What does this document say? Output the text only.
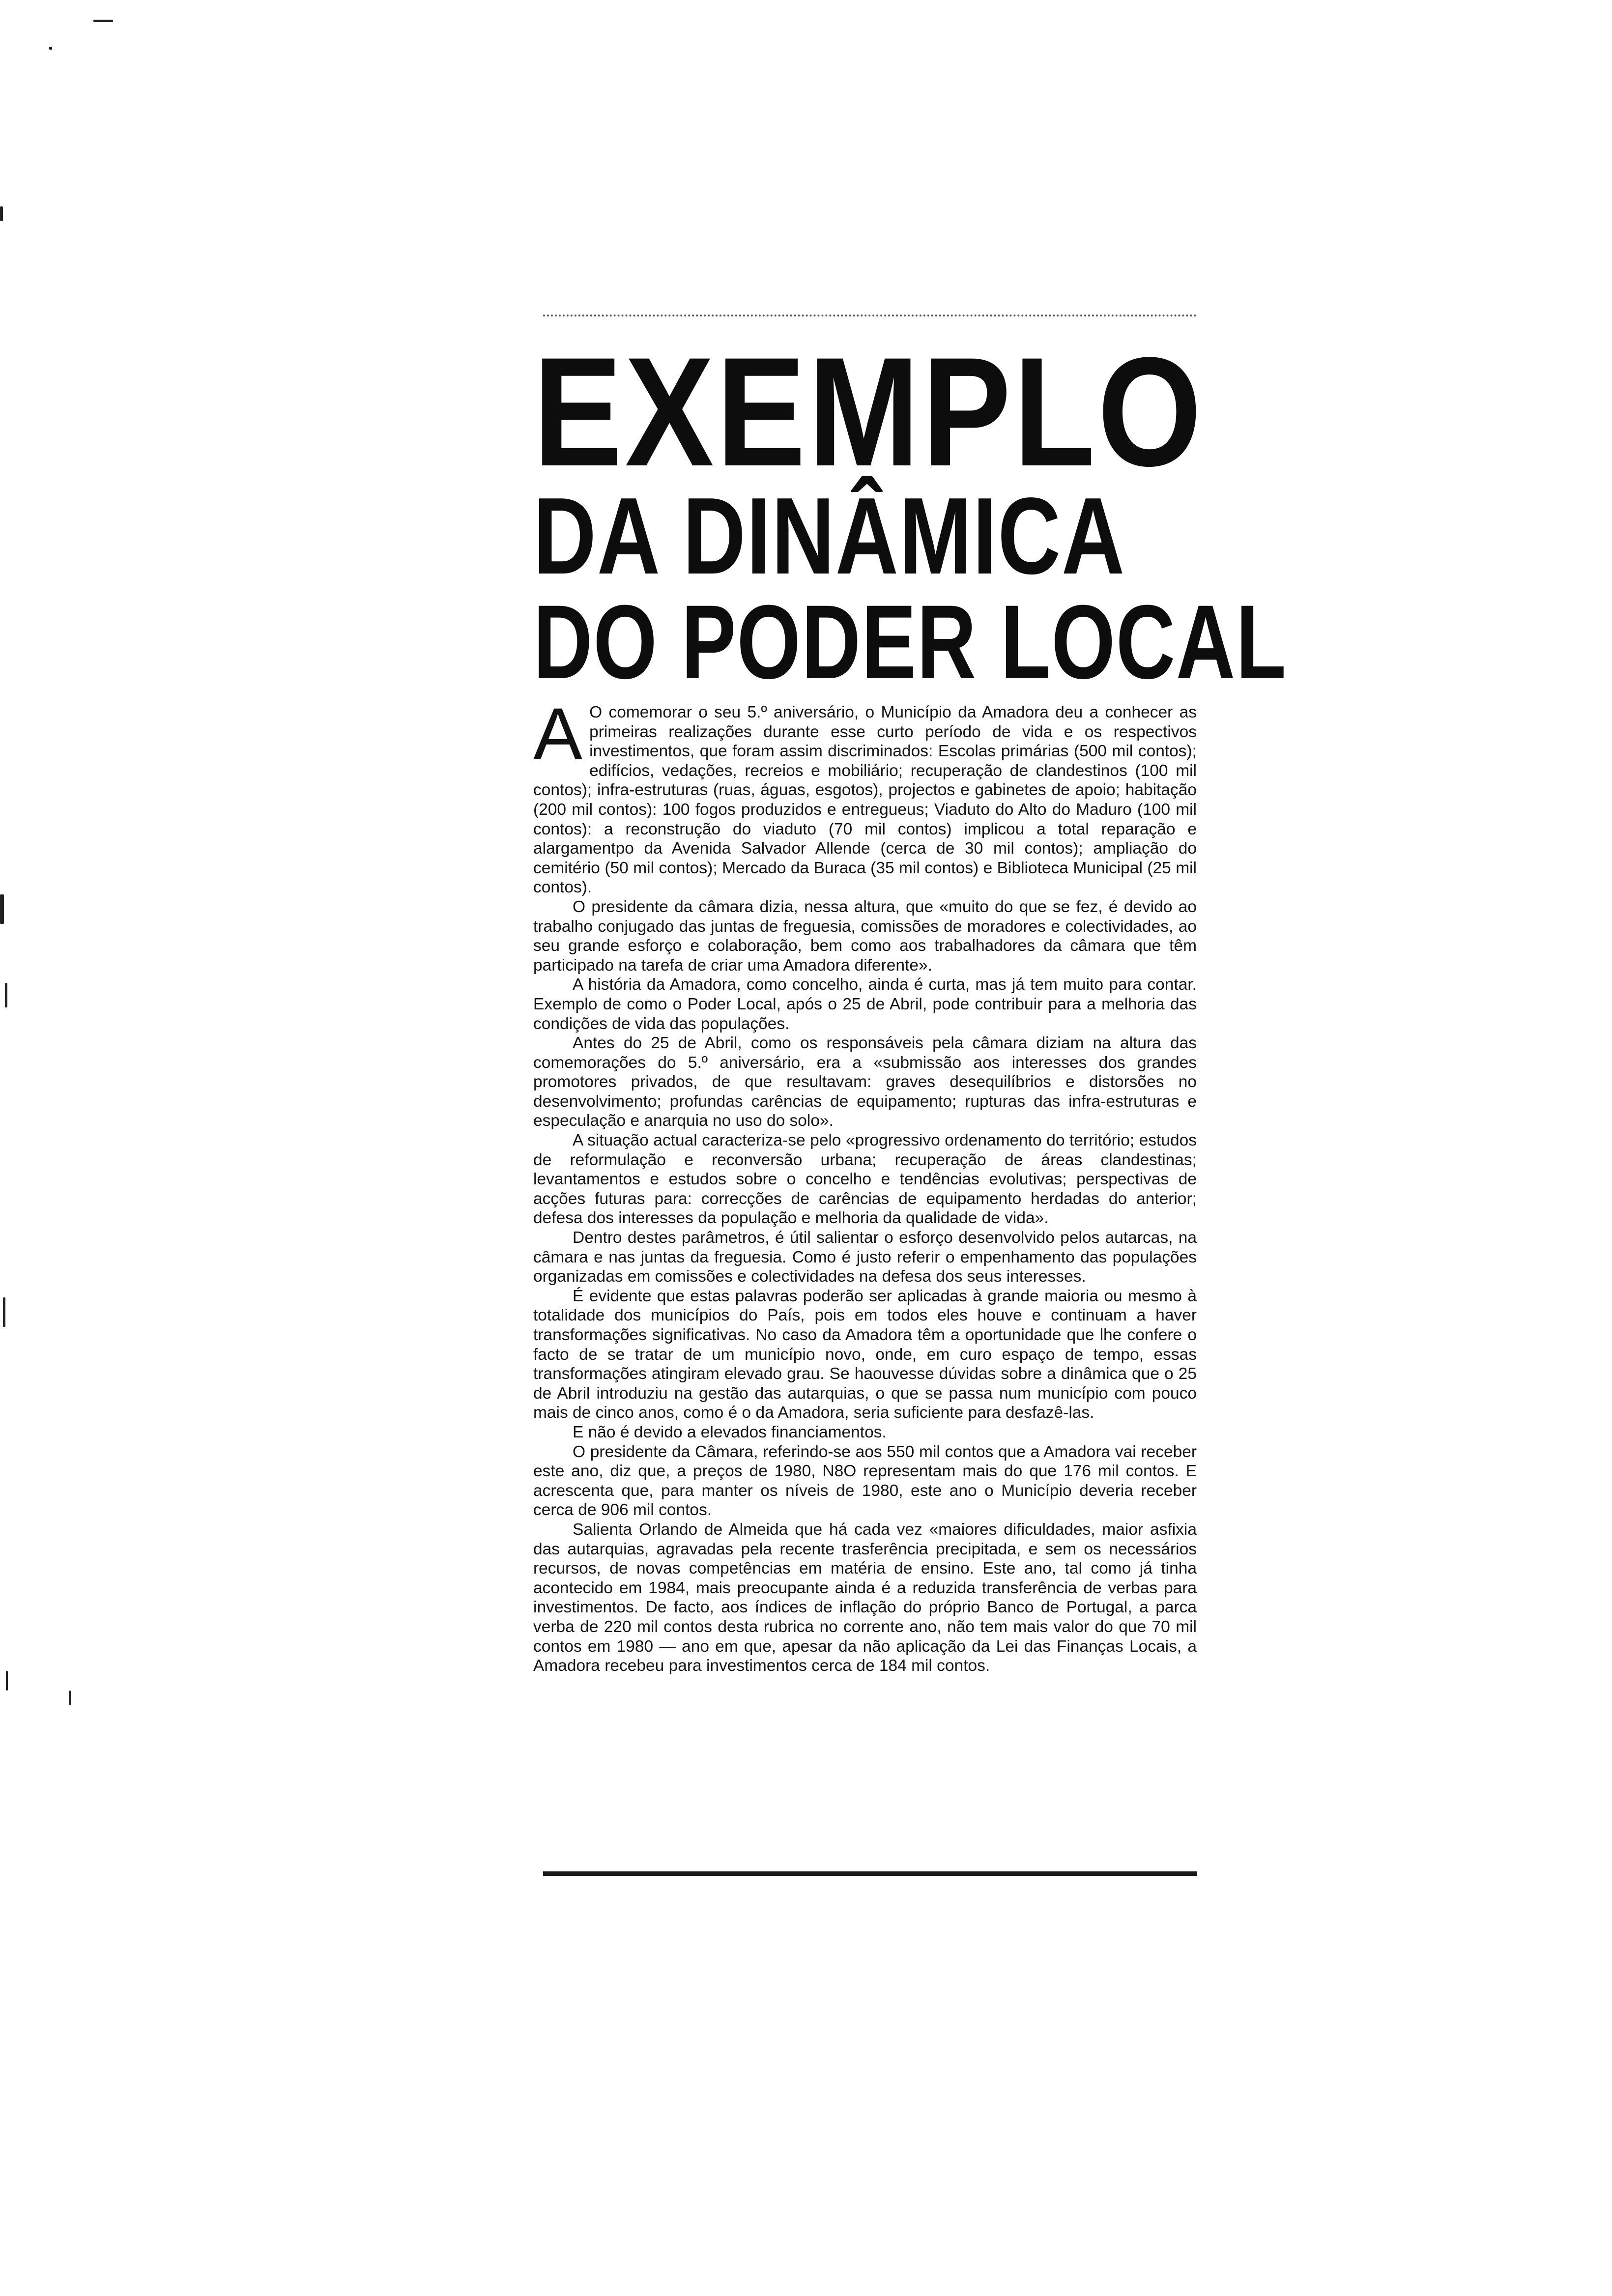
EXEMPLO
DA DINÂMICA
DO PODER LOCAL

A O comemorar o seu 5.º aniversário, o Município da Amadora deu a conhecer as primeiras realizações durante esse curto período de vida e os respectivos investimentos, que foram assim discriminados: Escolas primárias (500 mil contos); edifícios, vedações, recreios e mobiliário; recuperação de clandestinos (100 mil contos); infra-estruturas (ruas, águas, esgotos), projectos e gabinetes de apoio; habitação (200 mil contos): 100 fogos produzidos e entregueus; Viaduto do Alto do Maduro (100 mil contos): a reconstrução do viaduto (70 mil contos) implicou a total reparação e alargamentpo da Avenida Salvador Allende (cerca de 30 mil contos); ampliação do cemitério (50 mil contos); Mercado da Buraca (35 mil contos) e Biblioteca Municipal (25 mil contos).

O presidente da câmara dizia, nessa altura, que «muito do que se fez, é devido ao trabalho conjugado das juntas de freguesia, comissões de moradores e colectividades, ao seu grande esforço e colaboração, bem como aos trabalhadores da câmara que têm participado na tarefa de criar uma Amadora diferente».

A história da Amadora, como concelho, ainda é curta, mas já tem muito para contar. Exemplo de como o Poder Local, após o 25 de Abril, pode contribuir para a melhoria das condições de vida das populações.

Antes do 25 de Abril, como os responsáveis pela câmara diziam na altura das comemorações do 5.º aniversário, era a «submissão aos interesses dos grandes promotores privados, de que resultavam: graves desequilíbrios e distorsões no desenvolvimento; profundas carências de equipamento; rupturas das infra-estruturas e especulação e anarquia no uso do solo».

A situação actual caracteriza-se pelo «progressivo ordenamento do território; estudos de reformulação e reconversão urbana; recuperação de áreas clandestinas; levantamentos e estudos sobre o concelho e tendências evolutivas; perspectivas de acções futuras para: correcções de carências de equipamento herdadas do anterior; defesa dos interesses da população e melhoria da qualidade de vida».

Dentro destes parâmetros, é útil salientar o esforço desenvolvido pelos autarcas, na câmara e nas juntas da freguesia. Como é justo referir o empenhamento das populações organizadas em comissões e colectividades na defesa dos seus interesses.

É evidente que estas palavras poderão ser aplicadas à grande maioria ou mesmo à totalidade dos municípios do País, pois em todos eles houve e continuam a haver transformações significativas. No caso da Amadora têm a oportunidade que lhe confere o facto de se tratar de um município novo, onde, em curo espaço de tempo, essas transformações atingiram elevado grau. Se haouvesse dúvidas sobre a dinâmica que o 25 de Abril introduziu na gestão das autarquias, o que se passa num município com pouco mais de cinco anos, como é o da Amadora, seria suficiente para desfazê-las.

E não é devido a elevados financiamentos.

O presidente da Câmara, referindo-se aos 550 mil contos que a Amadora vai receber este ano, diz que, a preços de 1980, N8O representam mais do que 176 mil contos. E acrescenta que, para manter os níveis de 1980, este ano o Município deveria receber cerca de 906 mil contos.

Salienta Orlando de Almeida que há cada vez «maiores dificuldades, maior asfixia das autarquias, agravadas pela recente trasferência precipitada, e sem os necessários recursos, de novas competências em matéria de ensino. Este ano, tal como já tinha acontecido em 1984, mais preocupante ainda é a reduzida transferência de verbas para investimentos. De facto, aos índices de inflação do próprio Banco de Portugal, a parca verba de 220 mil contos desta rubrica no corrente ano, não tem mais valor do que 70 mil contos em 1980 — ano em que, apesar da não aplicação da Lei das Finanças Locais, a Amadora recebeu para investimentos cerca de 184 mil contos.
